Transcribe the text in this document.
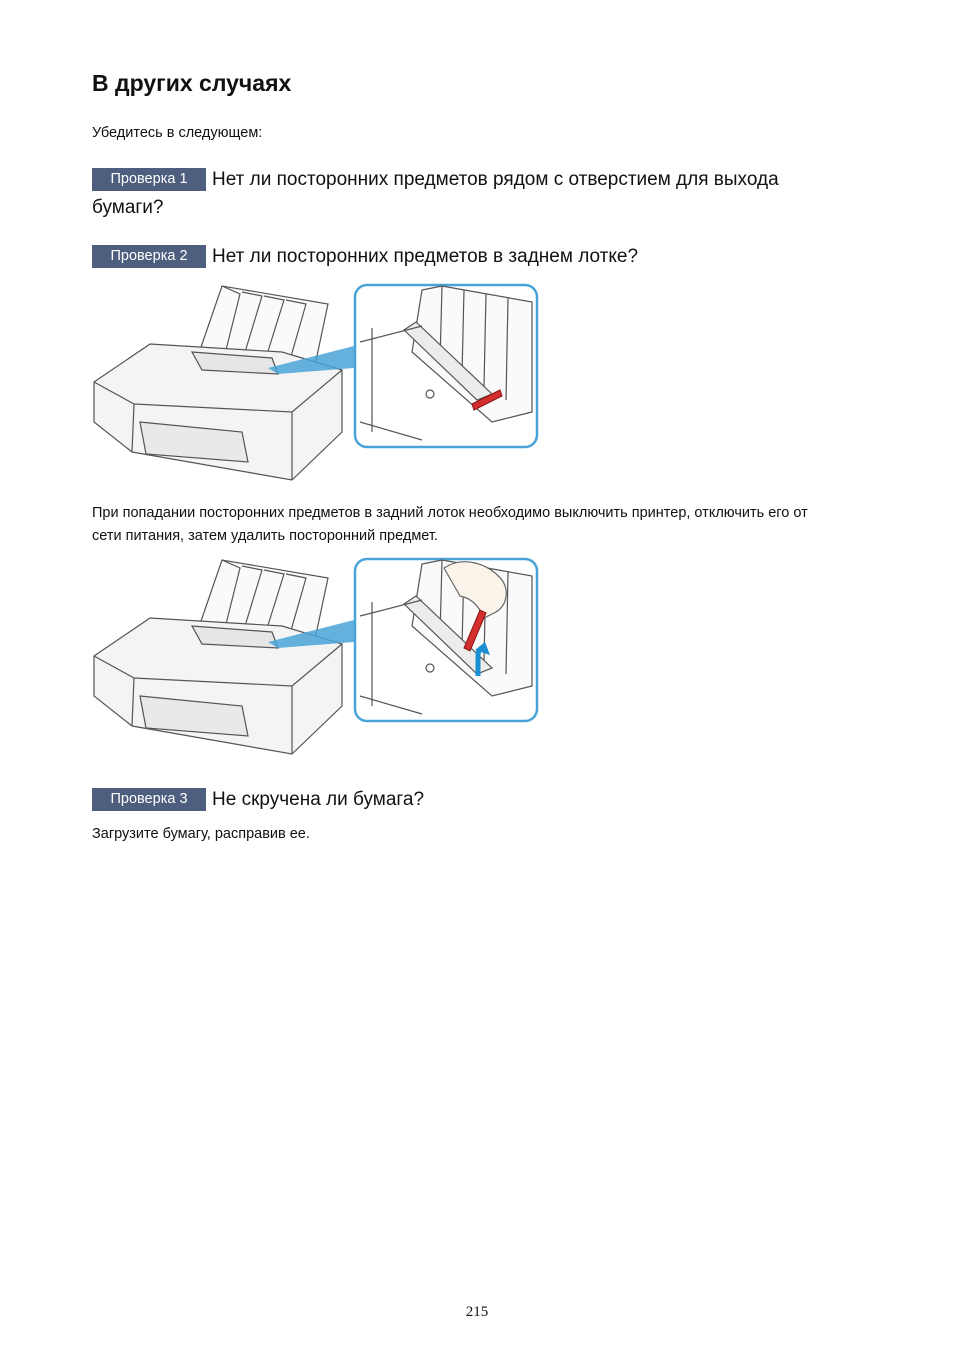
В других случаях

Убедитесь в следующем:

Проверка 1 Нет ли посторонних предметов рядом с отверстием для выхода бумаги?
Проверка 2 Нет ли посторонних предметов в заднем лотке?

При попадании посторонних предметов в задний лоток необходимо выключить принтер, отключить его от

сети питания, затем удалить посторонний предмет.

Проверка 3 Не скручена ли бумага?

Загрузите бумагу, расправив ее.

215
